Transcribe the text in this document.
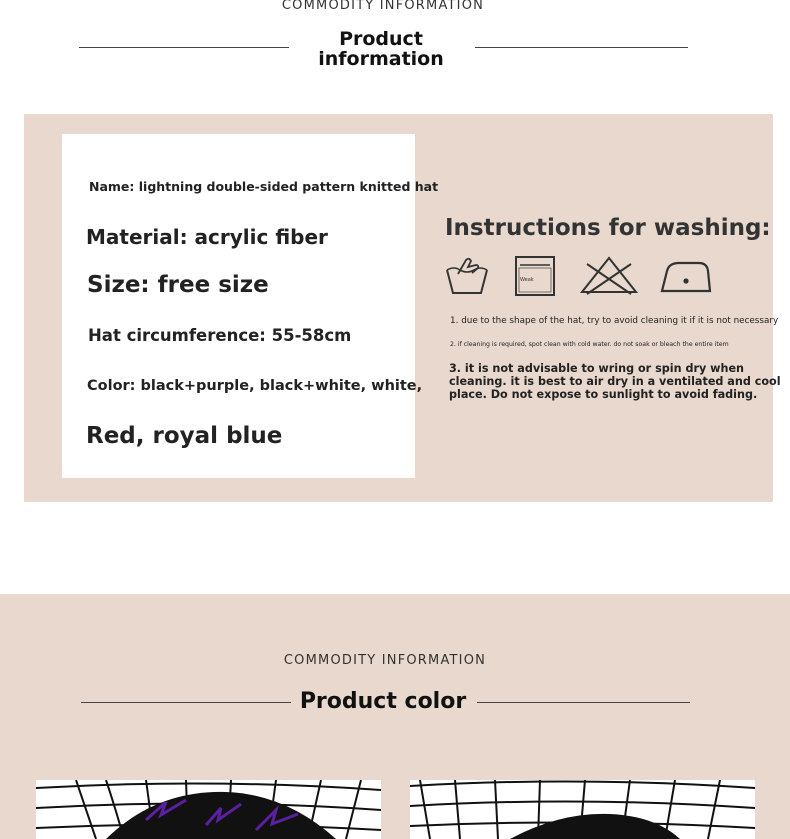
COMMODITY INFORMATION
Product
information
Name: lightning double-sided pattern knitted hat
Material: acrylic fiber
Size: free size
Hat circumference: 55-58cm
Color: black+purple, black+white, white,
Red, royal blue
Instructions for washing:
Weak
1. due to the shape of the hat, try to avoid cleaning it if it is not necessary
2. if cleaning is required, spot clean with cold water. do not soak or bleach the entire item
3. it is not advisable to wring or spin dry when
cleaning. it is best to air dry in a ventilated and cool
place. Do not expose to sunlight to avoid fading.
COMMODITY INFORMATION
Product color
